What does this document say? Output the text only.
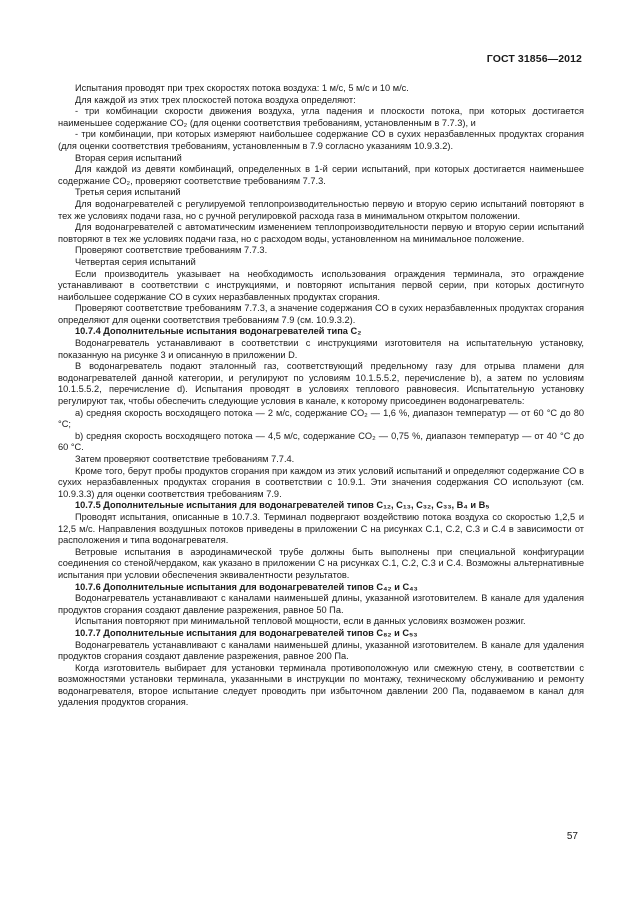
ГОСТ 31856—2012

Испытания проводят при трех скоростях потока воздуха: 1 м/с, 5 м/с и 10 м/с.

Для каждой из этих трех плоскостей потока воздуха определяют:

- три комбинации скорости движения воздуха, угла падения и плоскости потока, при которых достигается наименьшее содержание CO₂ (для оценки соответствия требованиям, установленным в 7.7.3), и

- три комбинации, при которых измеряют наибольшее содержание CO в сухих неразбавленных продуктах сгорания (для оценки соответствия требованиям, установленным в 7.9 согласно указаниям 10.9.3.2).

Вторая серия испытаний

Для каждой из девяти комбинаций, определенных в 1-й серии испытаний, при которых достигается наименьшее содержание CO₂, проверяют соответствие требованиям 7.7.3.

Третья серия испытаний

Для водонагревателей с регулируемой теплопроизводительностью первую и вторую серию испытаний повторяют в тех же условиях подачи газа, но с ручной регулировкой расхода газа в минимальном открытом положении.

Для водонагревателей с автоматическим изменением теплопроизводительности первую и вторую серии испытаний повторяют в тех же условиях подачи газа, но с расходом воды, установленном на минимальное положение.

Проверяют соответствие требованиям 7.7.3.

Четвертая серия испытаний

Если производитель указывает на необходимость использования ограждения терминала, это ограждение устанавливают в соответствии с инструкциями, и повторяют испытания первой серии, при которых достигнуто наибольшее содержание CO в сухих неразбавленных продуктах сгорания.

Проверяют соответствие требованиям 7.7.3, а значение содержания CO в сухих неразбавленных продуктах сгорания определяют для оценки соответствия требованиям 7.9 (см. 10.9.3.2).

10.7.4 Дополнительные испытания водонагревателей типа C₂

Водонагреватель устанавливают в соответствии с инструкциями изготовителя на испытательную установку, показанную на рисунке 3 и описанную в приложении D.

В водонагреватель подают эталонный газ, соответствующий предельному газу для отрыва пламени для водонагревателей данной категории, и регулируют по условиям 10.1.5.5.2, перечисление b), а затем по условиям 10.1.5.5.2, перечисление d). Испытания проводят в условиях теплового равновесия. Испытательную установку регулируют так, чтобы обеспечить следующие условия в канале, к которому присоединен водонагреватель:

a) средняя скорость восходящего потока — 2 м/с, содержание CO₂ — 1,6 %, диапазон температур — от 60 °С до 80 °С;

b) средняя скорость восходящего потока — 4,5 м/с, содержание CO₂ — 0,75 %, диапазон температур — от 40 °С до 60 °С.

Затем проверяют соответствие требованиям 7.7.4.

Кроме того, берут пробы продуктов сгорания при каждом из этих условий испытаний и определяют содержание CO в сухих неразбавленных продуктах сгорания в соответствии с 10.9.1. Эти значения содержания CO используют (см. 10.9.3.3) для оценки соответствия требованиям 7.9.

10.7.5 Дополнительные испытания для водонагревателей типов C₁₂, C₁₃, C₃₂, C₃₃, B₄ и B₅

Проводят испытания, описанные в 10.7.3. Терминал подвергают воздействию потока воздуха со скоростью 1,2,5 и 12,5 м/с. Направления воздушных потоков приведены в приложении С на рисунках С.1, С.2, С.3 и С.4 в зависимости от расположения и типа водонагревателя.

Ветровые испытания в аэродинамической трубе должны быть выполнены при специальной конфигурации соединения со стеной/чердаком, как указано в приложении С на рисунках С.1, С.2, С.3 и С.4. Возможны альтернативные испытания при условии обеспечения эквивалентности результатов.

10.7.6 Дополнительные испытания для водонагревателей типов C₄₂ и C₄₃

Водонагреватель устанавливают с каналами наименьшей длины, указанной изготовителем. В канале для удаления продуктов сгорания создают давление разрежения, равное 50 Па.

Испытания повторяют при минимальной тепловой мощности, если в данных условиях возможен розжиг.

10.7.7 Дополнительные испытания для водонагревателей типов C₈₂ и C₅₃

Водонагреватель устанавливают с каналами наименьшей длины, указанной изготовителем. В канале для удаления продуктов сгорания создают давление разрежения, равное 200 Па.

Когда изготовитель выбирает для установки терминала противоположную или смежную стену, в соответствии с возможностями установки терминала, указанными в инструкции по монтажу, техническому обслуживанию и ремонту водонагревателя, второе испытание следует проводить при избыточном давлении 200 Па, подаваемом в канал для удаления продуктов сгорания.

57
